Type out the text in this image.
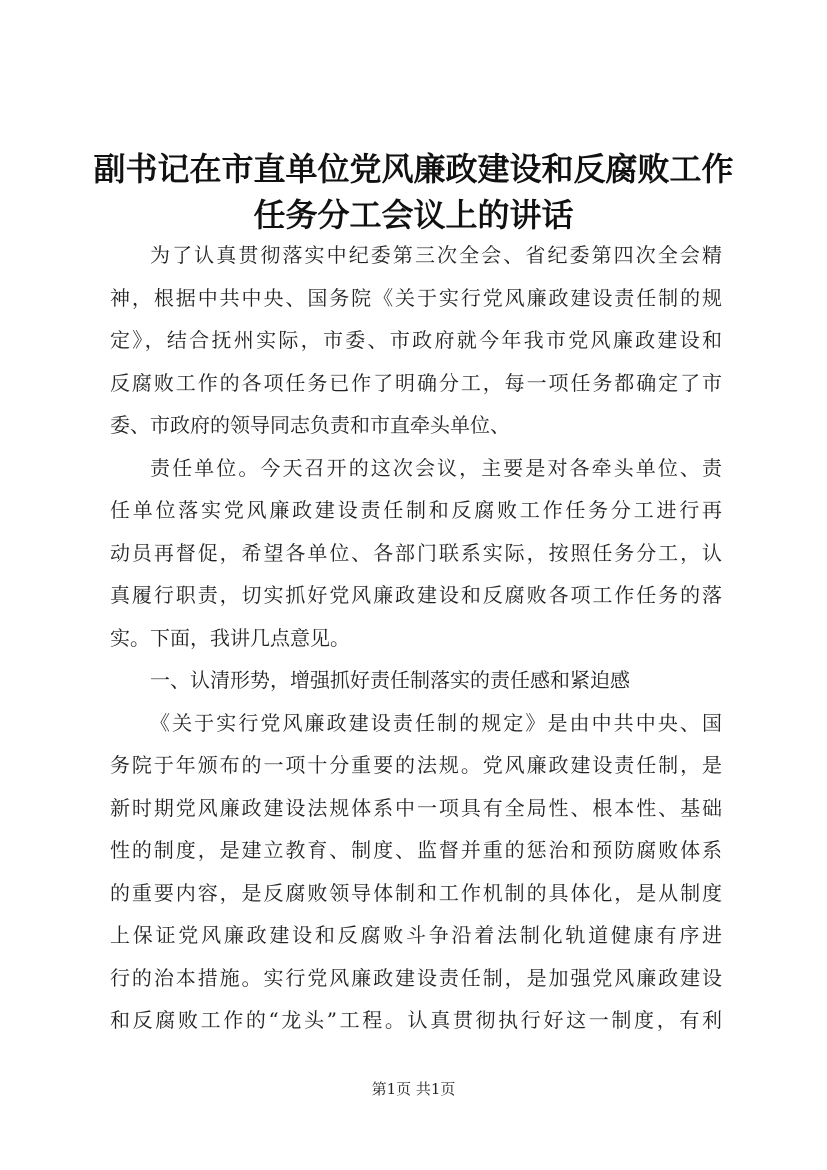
副书记在市直单位党风廉政建设和反腐败工作
任务分工会议上的讲话
为了认真贯彻落实中纪委第三次全会、省纪委第四次全会精
神，根据中共中央、国务院《关于实行党风廉政建设责任制的规
定》，结合抚州实际，市委、市政府就今年我市党风廉政建设和
反腐败工作的各项任务已作了明确分工，每一项任务都确定了市
委、市政府的领导同志负责和市直牵头单位、
责任单位。今天召开的这次会议，主要是对各牵头单位、责
任单位落实党风廉政建设责任制和反腐败工作任务分工进行再
动员再督促，希望各单位、各部门联系实际，按照任务分工，认
真履行职责，切实抓好党风廉政建设和反腐败各项工作任务的落
实。下面，我讲几点意见。
一、认清形势，增强抓好责任制落实的责任感和紧迫感
《关于实行党风廉政建设责任制的规定》是由中共中央、国
务院于年颁布的一项十分重要的法规。党风廉政建设责任制，是
新时期党风廉政建设法规体系中一项具有全局性、根本性、基础
性的制度，是建立教育、制度、监督并重的惩治和预防腐败体系
的重要内容，是反腐败领导体制和工作机制的具体化，是从制度
上保证党风廉政建设和反腐败斗争沿着法制化轨道健康有序进
行的治本措施。实行党风廉政建设责任制，是加强党风廉政建设
和反腐败工作的“龙头”工程。认真贯彻执行好这一制度，有利
第1页 共1页
